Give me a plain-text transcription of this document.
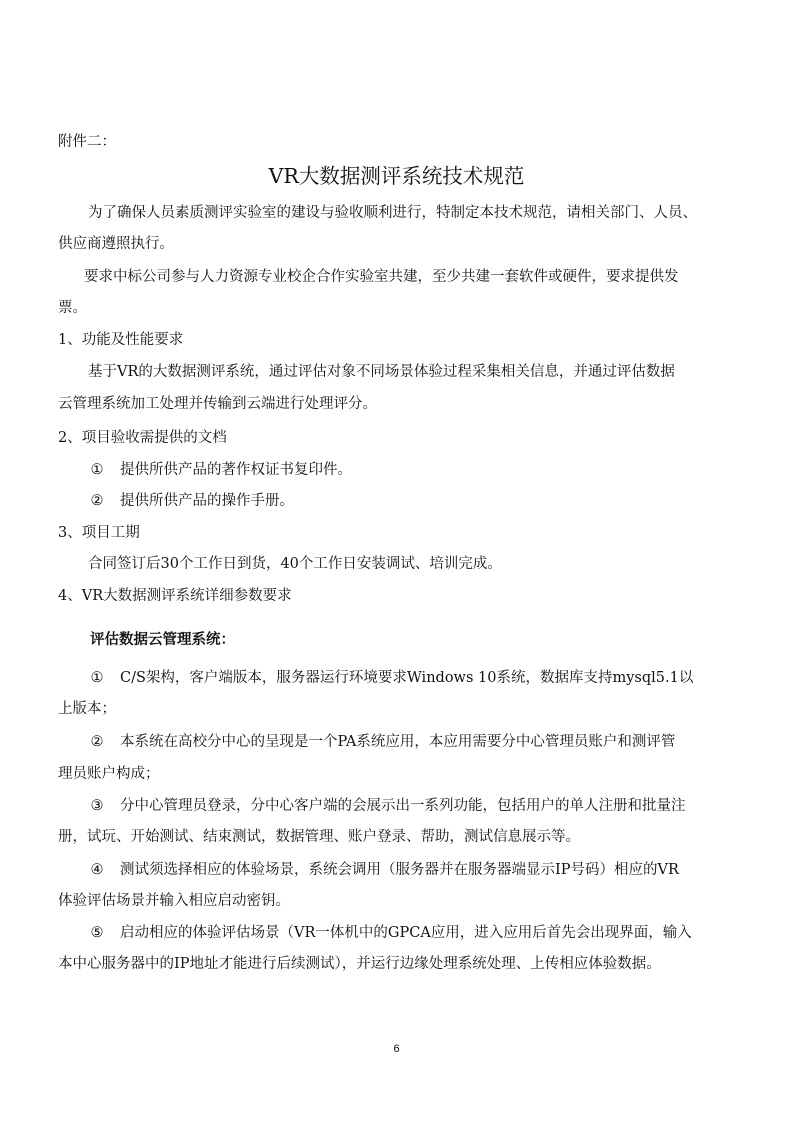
附件二：
VR大数据测评系统技术规范
为了确保人员素质测评实验室的建设与验收顺利进行，特制定本技术规范，请相关部门、人员、
供应商遵照执行。
要求中标公司参与人力资源专业校企合作实验室共建，至少共建一套软件或硬件，要求提供发
票。
1、功能及性能要求
基于VR的大数据测评系统，通过评估对象不同场景体验过程采集相关信息，并通过评估数据
云管理系统加工处理并传输到云端进行处理评分。
2、项目验收需提供的文档
① 提供所供产品的著作权证书复印件。
② 提供所供产品的操作手册。
3、项目工期
合同签订后30个工作日到货，40个工作日安装调试、培训完成。
4、VR大数据测评系统详细参数要求
评估数据云管理系统：
① C/S架构，客户端版本，服务器运行环境要求Windows 10系统，数据库支持mysql5.1以
上版本；
② 本系统在高校分中心的呈现是一个PA系统应用，本应用需要分中心管理员账户和测评管
理员账户构成；
③ 分中心管理员登录，分中心客户端的会展示出一系列功能，包括用户的单人注册和批量注
册，试玩、开始测试、结束测试，数据管理、账户登录、帮助，测试信息展示等。
④ 测试须选择相应的体验场景，系统会调用（服务器并在服务器端显示IP号码）相应的VR
体验评估场景并输入相应启动密钥。
⑤ 启动相应的体验评估场景（VR一体机中的GPCA应用，进入应用后首先会出现界面，输入
本中心服务器中的IP地址才能进行后续测试），并运行边缘处理系统处理、上传相应体验数据。
6
